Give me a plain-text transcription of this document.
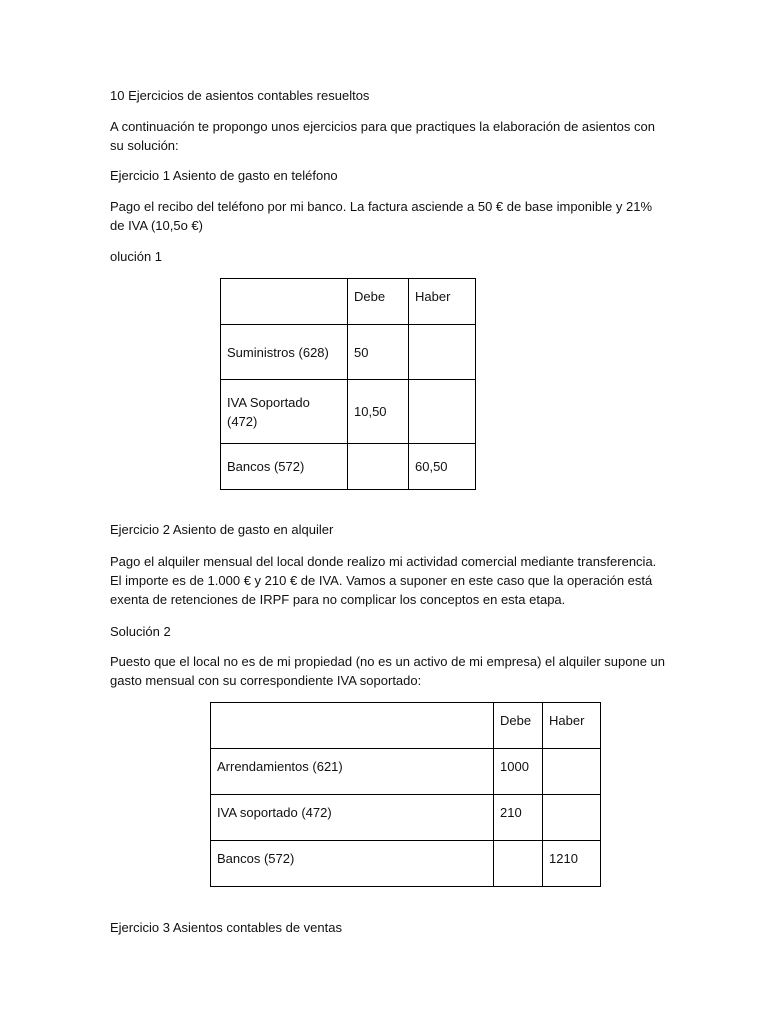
10 Ejercicios de asientos contables resueltos

A continuación te propongo unos ejercicios para que practiques la elaboración de asientos con su solución:

Ejercicio 1 Asiento de gasto en teléfono

Pago el recibo del teléfono por mi banco. La factura asciende a 50 € de base imponible y 21% de IVA (10,5o €)

olución 1

	Debe	Haber
Suministros (628)	50	
IVA Soportado (472)	10,50	
Bancos (572)		60,50

Ejercicio 2 Asiento de gasto en alquiler

Pago el alquiler mensual del local donde realizo mi actividad comercial mediante transferencia. El importe es de 1.000 € y 210 € de IVA. Vamos a suponer en este caso que la operación está exenta de retenciones de IRPF para no complicar los conceptos en esta etapa.

Solución 2

Puesto que el local no es de mi propiedad (no es un activo de mi empresa) el alquiler supone un gasto mensual con su correspondiente IVA soportado:

	Debe	Haber
Arrendamientos (621)	1000	
IVA soportado (472)	210	
Bancos (572)		1210

Ejercicio 3 Asientos contables de ventas
